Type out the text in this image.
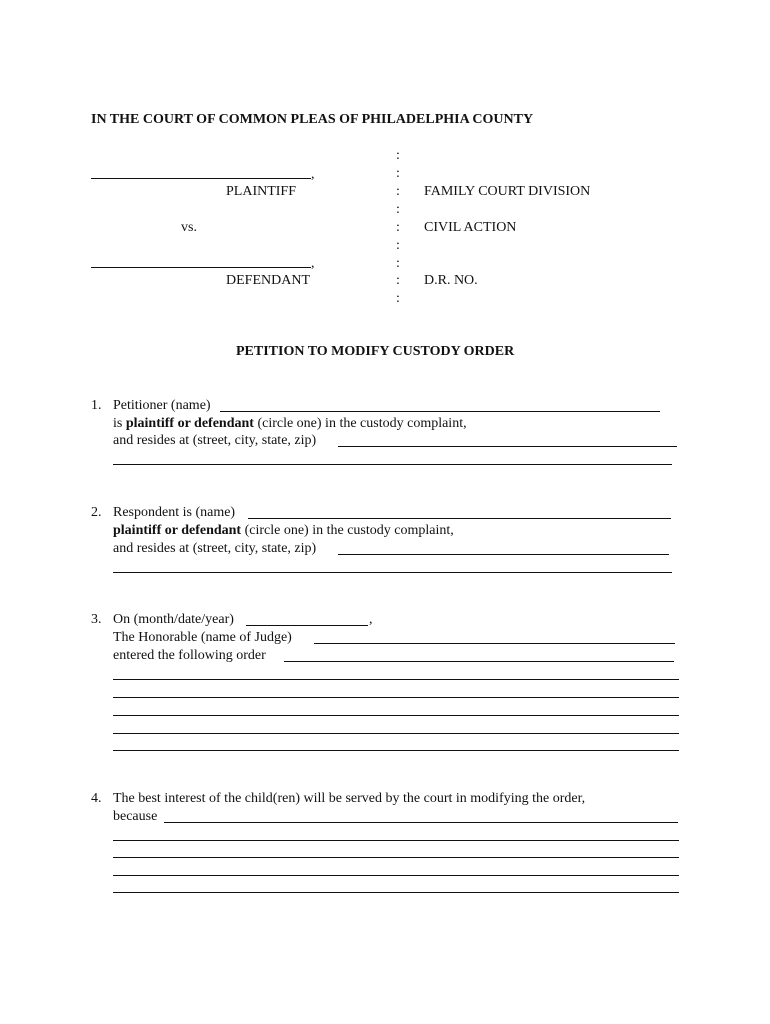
IN THE COURT OF COMMON PLEAS OF PHILADELPHIA COUNTY
,
PLAINTIFF
vs.
,
DEFENDANT
:
:
:
:
:
:
:
:
:
FAMILY COURT DIVISION
CIVIL ACTION
D.R. NO.
PETITION TO MODIFY CUSTODY ORDER
1. Petitioner (name)
is plaintiff or defendant (circle one) in the custody complaint,
and resides at (street, city, state, zip)
2. Respondent is (name)
plaintiff or defendant (circle one) in the custody complaint,
and resides at (street, city, state, zip)
3. On (month/date/year)	,
The Honorable (name of Judge)
entered the following order
4. The best interest of the child(ren) will be served by the court in modifying the order,
because
